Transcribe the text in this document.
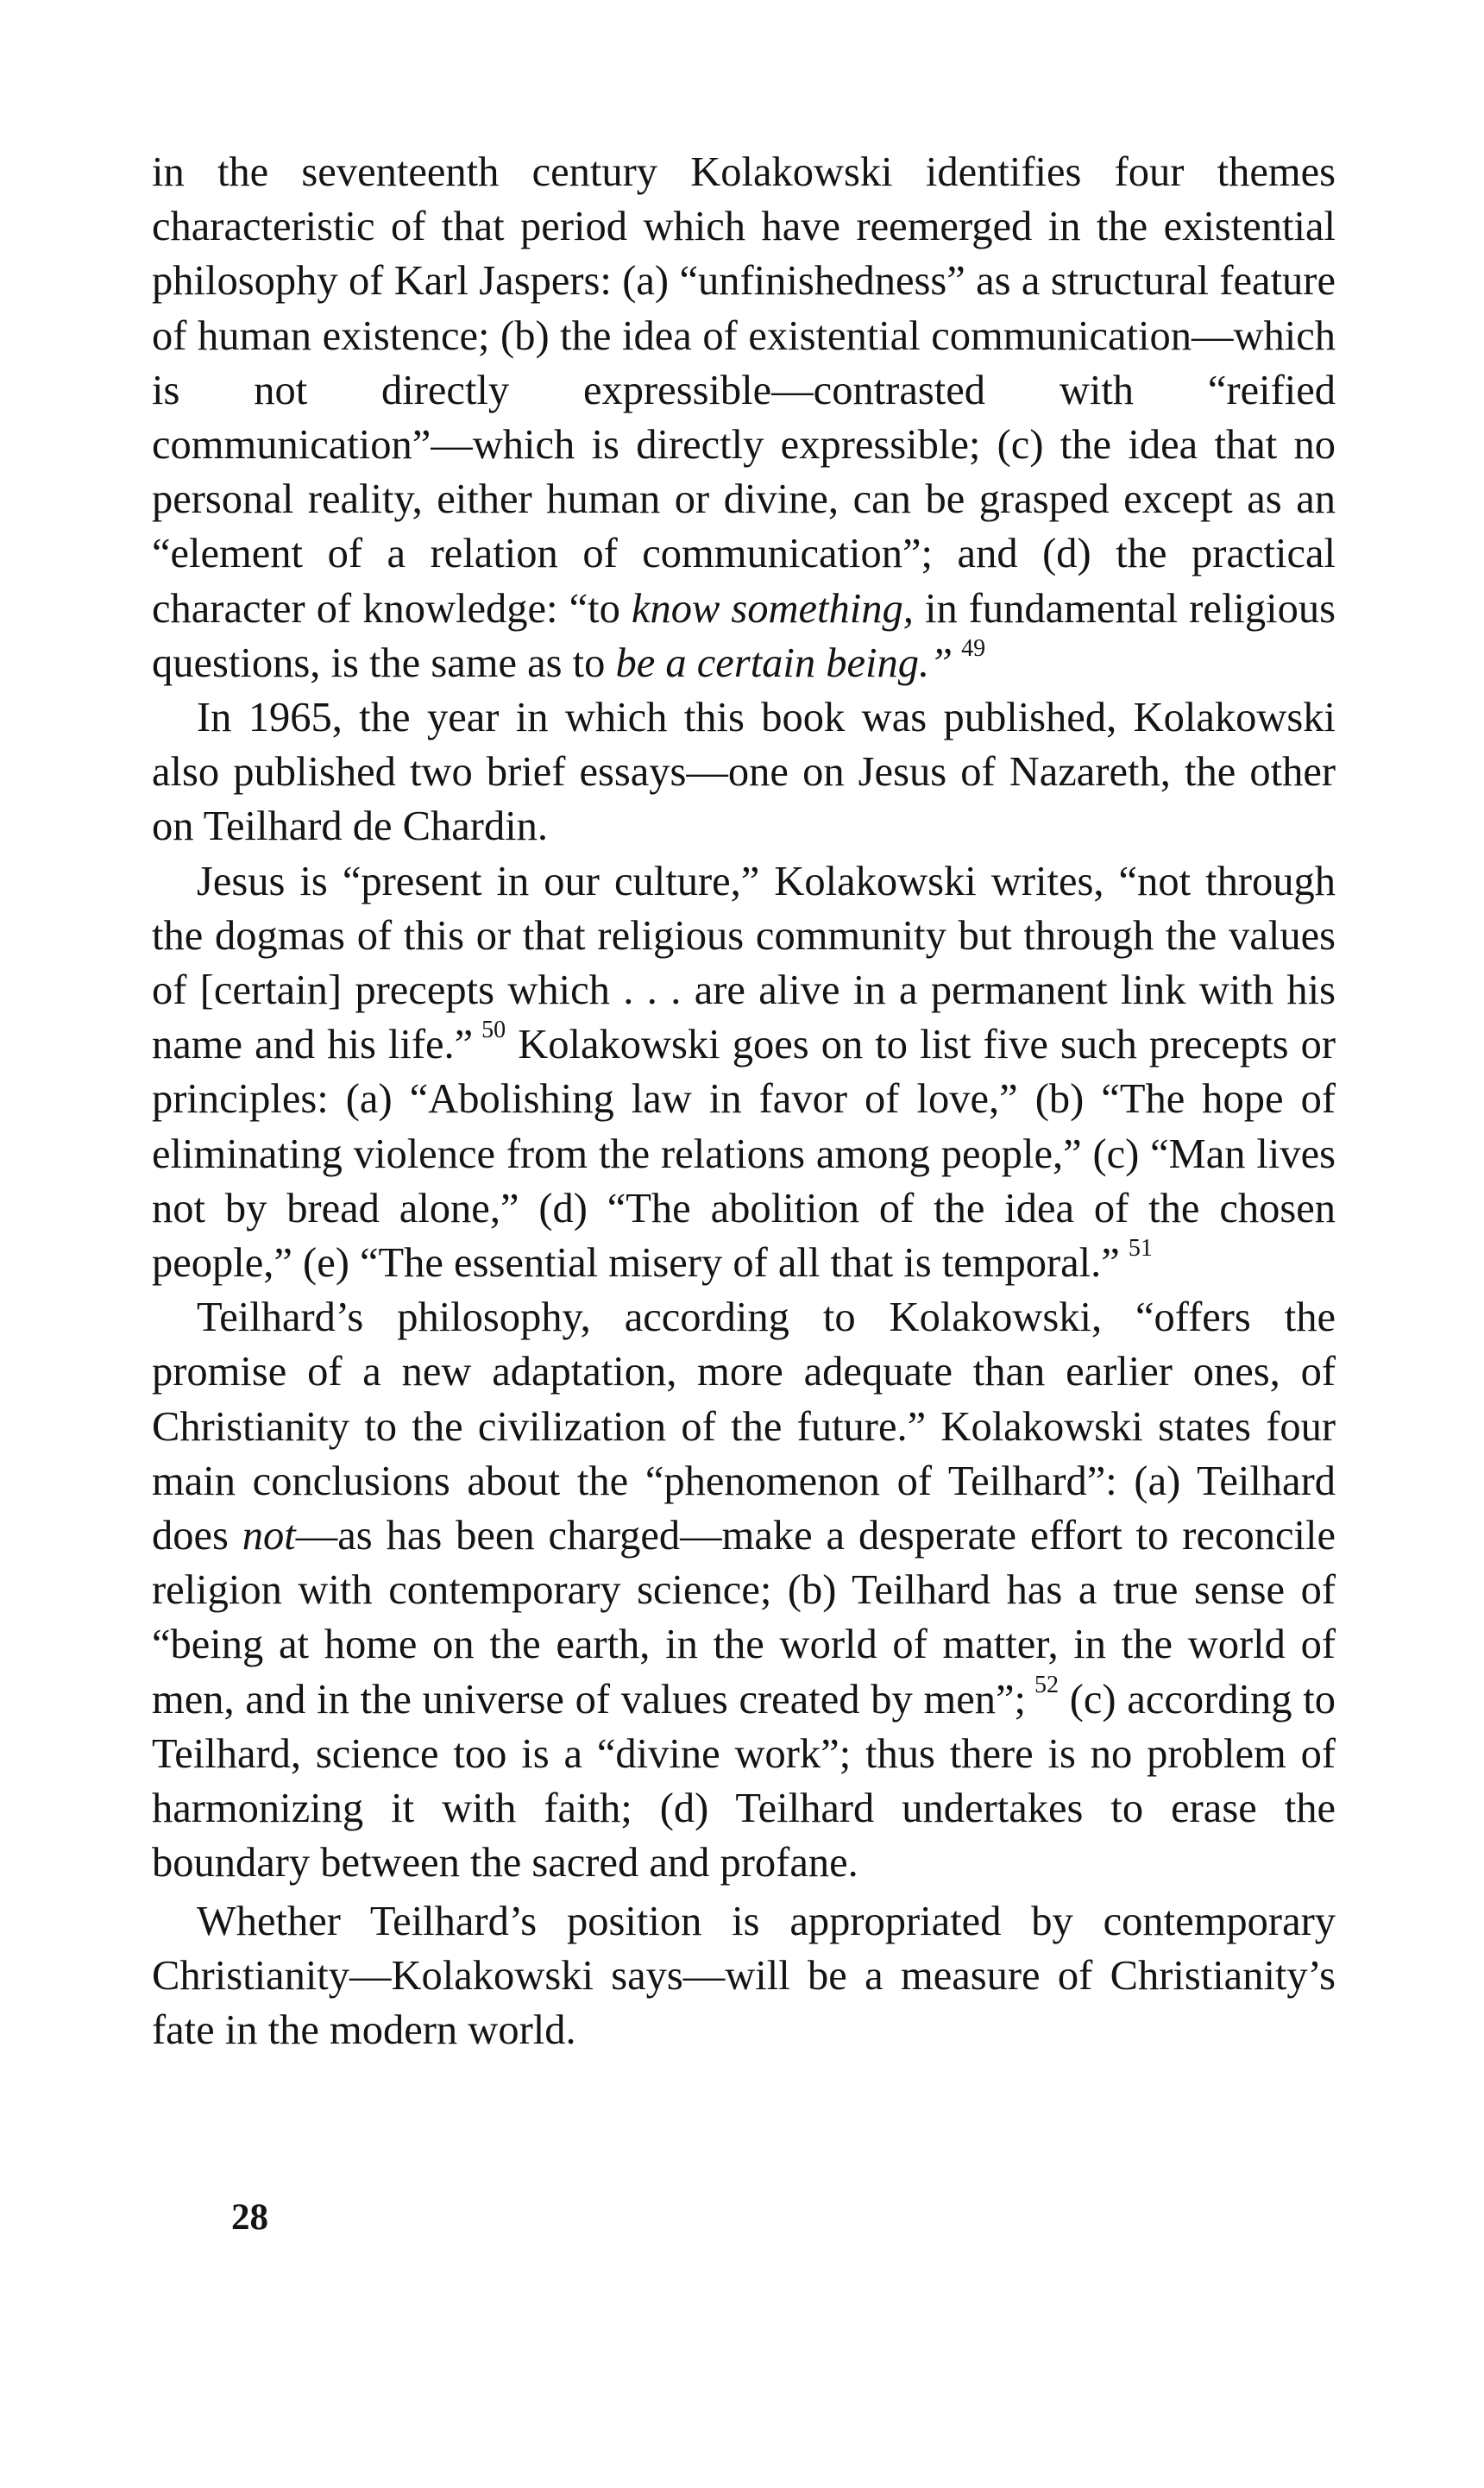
in the seventeenth century Kolakowski identifies four themes characteristic of that period which have reemerged in the existential philosophy of Karl Jaspers: (a) “unfinishedness” as a structural feature of human existence; (b) the idea of existential communication—which is not directly expressible—contrasted with “reified communication”—which is directly expressible; (c) the idea that no personal reality, either human or divine, can be grasped except as an “element of a relation of communication”; and (d) the practical character of knowledge: “to know something, in fundamental religious questions, is the same as to be a certain being.” $^{49}$

In 1965, the year in which this book was published, Kolakowski also published two brief essays—one on Jesus of Nazareth, the other on Teilhard de Chardin.

Jesus is “present in our culture,” Kolakowski writes, “not through the dogmas of this or that religious community but through the values of [certain] precepts which . . . are alive in a permanent link with his name and his life.” $^{50}$ Kolakowski goes on to list five such precepts or principles: (a) “Abolishing law in favor of love,” (b) “The hope of eliminating violence from the relations among people,” (c) “Man lives not by bread alone,” (d) “The abolition of the idea of the chosen people,” (e) “The essential misery of all that is temporal.” $^{51}$

Teilhard’s philosophy, according to Kolakowski, “offers the promise of a new adaptation, more adequate than earlier ones, of Christianity to the civilization of the future.” Kolakowski states four main conclusions about the “phenomenon of Teilhard”: (a) Teilhard does not—as has been charged—make a desperate effort to reconcile religion with contemporary science; (b) Teilhard has a true sense of “being at home on the earth, in the world of matter, in the world of men, and in the universe of values created by men”; $^{52}$ (c) according to Teilhard, science too is a “divine work”; thus there is no problem of harmonizing it with faith; (d) Teilhard undertakes to erase the boundary between the sacred and profane.

Whether Teilhard’s position is appropriated by contemporary Christianity—Kolakowski says—will be a measure of Christianity’s fate in the modern world.

28
